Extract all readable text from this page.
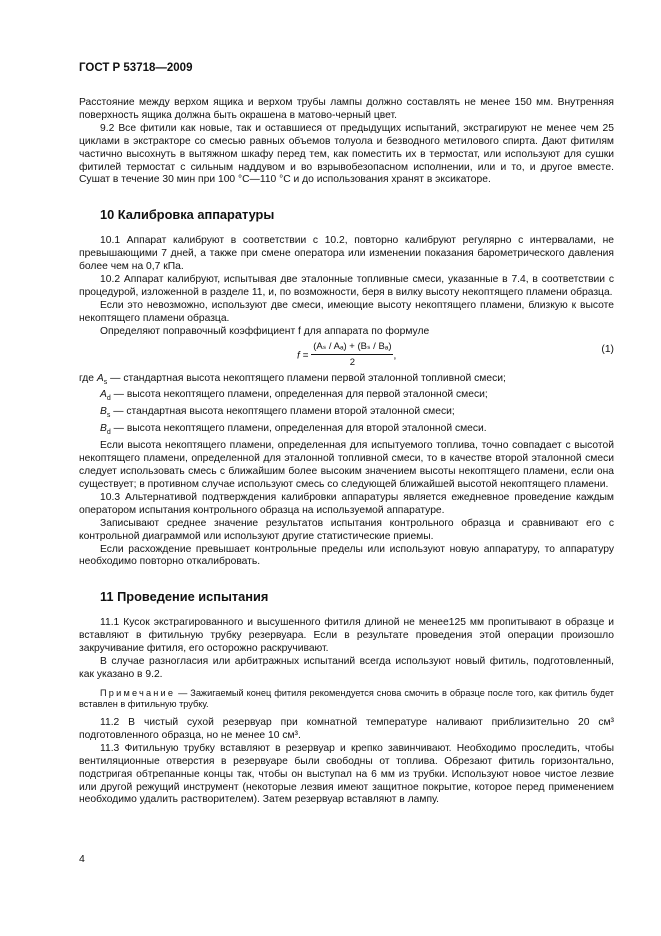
ГОСТ Р 53718—2009

Расстояние между верхом ящика и верхом трубы лампы должно составлять не менее 150 мм. Внутренняя поверхность ящика должна быть окрашена в матово-черный цвет.

9.2 Все фитили как новые, так и оставшиеся от предыдущих испытаний, экстрагируют не менее чем 25 циклами в экстракторе со смесью равных объемов толуола и безводного метилового спирта. Дают фитилям частично высохнуть в вытяжном шкафу перед тем, как поместить их в термостат, или используют для сушки фитилей термостат с сильным наддувом и во взрывобезопасном исполнении, или и то, и другое вместе. Сушат в течение 30 мин при 100 °С—110 °С и до использования хранят в эксикаторе.

10 Калибровка аппаратуры

10.1 Аппарат калибруют в соответствии с 10.2, повторно калибруют регулярно с интервалами, не превышающими 7 дней, а также при смене оператора или изменении показания барометрического давления более чем на 0,7 кПа.

10.2 Аппарат калибруют, испытывая две эталонные топливные смеси, указанные в 7.4, в соответствии с процедурой, изложенной в разделе 11, и, по возможности, беря в вилку высоту некоптящего пламени образца.

Если это невозможно, используют две смеси, имеющие высоту некоптящего пламени, близкую к высоте некоптящего пламени образца.

Определяют поправочный коэффициент f для аппарата по формуле

$f = \frac{\text{(Aₛ / Aₐ) + (Bₛ / Bₐ)}}{2}$ ,
(1)
где $A_s$ — стандартная высота некоптящего пламени первой эталонной топливной смеси;
$A_d$ — высота некоптящего пламени, определенная для первой эталонной смеси;
$B_s$ — стандартная высота некоптящего пламени второй эталонной смеси;
$B_d$ — высота некоптящего пламени, определенная для второй эталонной смеси.

Если высота некоптящего пламени, определенная для испытуемого топлива, точно совпадает с высотой некоптящего пламени, определенной для эталонной топливной смеси, то в качестве второй эталонной смеси следует использовать смесь с ближайшим более высоким значением высоты некоптящего пламени, если она существует; в противном случае используют смесь со следующей ближайшей высотой некоптящего пламени.

10.3 Альтернативой подтверждения калибровки аппаратуры является ежедневное проведение каждым оператором испытания контрольного образца на используемой аппаратуре.

Записывают среднее значение результатов испытания контрольного образца и сравнивают его с контрольной диаграммой или используют другие статистические приемы.

Если расхождение превышает контрольные пределы или используют новую аппаратуру, то аппаратуру необходимо повторно откалибровать.

11 Проведение испытания

11.1 Кусок экстрагированного и высушенного фитиля длиной не менее125 мм пропитывают в образце и вставляют в фитильную трубку резервуара. Если в результате проведения этой операции произошло закручивание фитиля, его осторожно раскручивают.

В случае разногласия или арбитражных испытаний всегда используют новый фитиль, подготовленный, как указано в 9.2.

Примечание — Зажигаемый конец фитиля рекомендуется снова смочить в образце после того, как фитиль будет вставлен в фитильную трубку.

11.2 В чистый сухой резервуар при комнатной температуре наливают приблизительно 20 см³ подготовленного образца, но не менее 10 см³.

11.3 Фитильную трубку вставляют в резервуар и крепко завинчивают. Необходимо проследить, чтобы вентиляционные отверстия в резервуаре были свободны от топлива. Обрезают фитиль горизонтально, подстригая обтрепанные концы так, чтобы он выступал на 6 мм из трубки. Используют новое чистое лезвие или другой режущий инструмент (некоторые лезвия имеют защитное покрытие, которое перед применением необходимо удалить растворителем). Затем резервуар вставляют в лампу.

4
